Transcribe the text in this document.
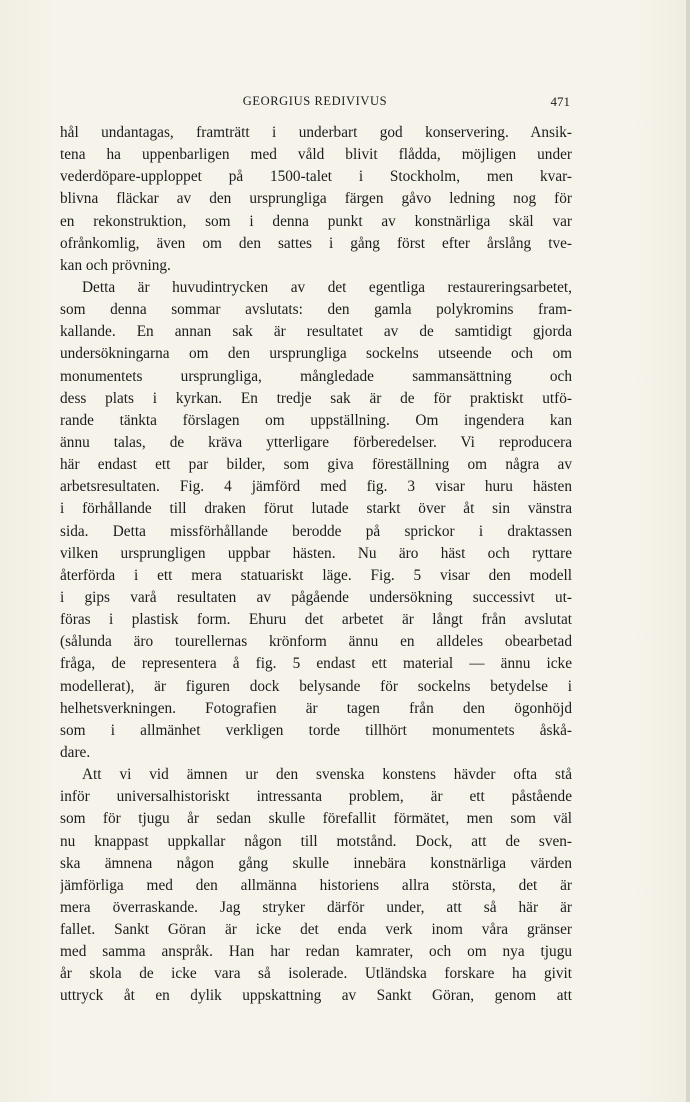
GEORGIUS REDIVIVUS	471
hål undantagas, framträtt i underbart god konservering. Ansik-
tena ha uppenbarligen med våld blivit flådda, möjligen under
vederdöpare-upploppet på 1500-talet i Stockholm, men kvar-
blivna fläckar av den ursprungliga färgen gåvo ledning nog för
en rekonstruktion, som i denna punkt av konstnärliga skäl var
ofrånkomlig, även om den sattes i gång först efter årslång tve-
kan och prövning.
Detta är huvudintrycken av det egentliga restaureringsarbetet,
som denna sommar avslutats: den gamla polykromins fram-
kallande. En annan sak är resultatet av de samtidigt gjorda
undersökningarna om den ursprungliga sockelns utseende och om
monumentets ursprungliga, mångledade sammansättning och
dess plats i kyrkan. En tredje sak är de för praktiskt utfö-
rande tänkta förslagen om uppställning. Om ingendera kan
ännu talas, de kräva ytterligare förberedelser. Vi reproducera
här endast ett par bilder, som giva föreställning om några av
arbetsresultaten. Fig. 4 jämförd med fig. 3 visar huru hästen
i förhållande till draken förut lutade starkt över åt sin vänstra
sida. Detta missförhållande berodde på sprickor i draktassen
vilken ursprungligen uppbar hästen. Nu äro häst och ryttare
återförda i ett mera statuariskt läge. Fig. 5 visar den modell
i gips varå resultaten av pågående undersökning successivt ut-
föras i plastisk form. Ehuru det arbetet är långt från avslutat
(sålunda äro tourellernas krönform ännu en alldeles obearbetad
fråga, de representera å fig. 5 endast ett material — ännu icke
modellerat), är figuren dock belysande för sockelns betydelse i
helhetsverkningen. Fotografien är tagen från den ögonhöjd
som i allmänhet verkligen torde tillhört monumentets åskå-
dare.
Att vi vid ämnen ur den svenska konstens hävder ofta stå
inför universalhistoriskt intressanta problem, är ett påstående
som för tjugu år sedan skulle förefallit förmätet, men som väl
nu knappast uppkallar någon till motstånd. Dock, att de sven-
ska ämnena någon gång skulle innebära konstnärliga värden
jämförliga med den allmänna historiens allra största, det är
mera överraskande. Jag stryker därför under, att så här är
fallet. Sankt Göran är icke det enda verk inom våra gränser
med samma anspråk. Han har redan kamrater, och om nya tjugu
år skola de icke vara så isolerade. Utländska forskare ha givit
uttryck åt en dylik uppskattning av Sankt Göran, genom att
